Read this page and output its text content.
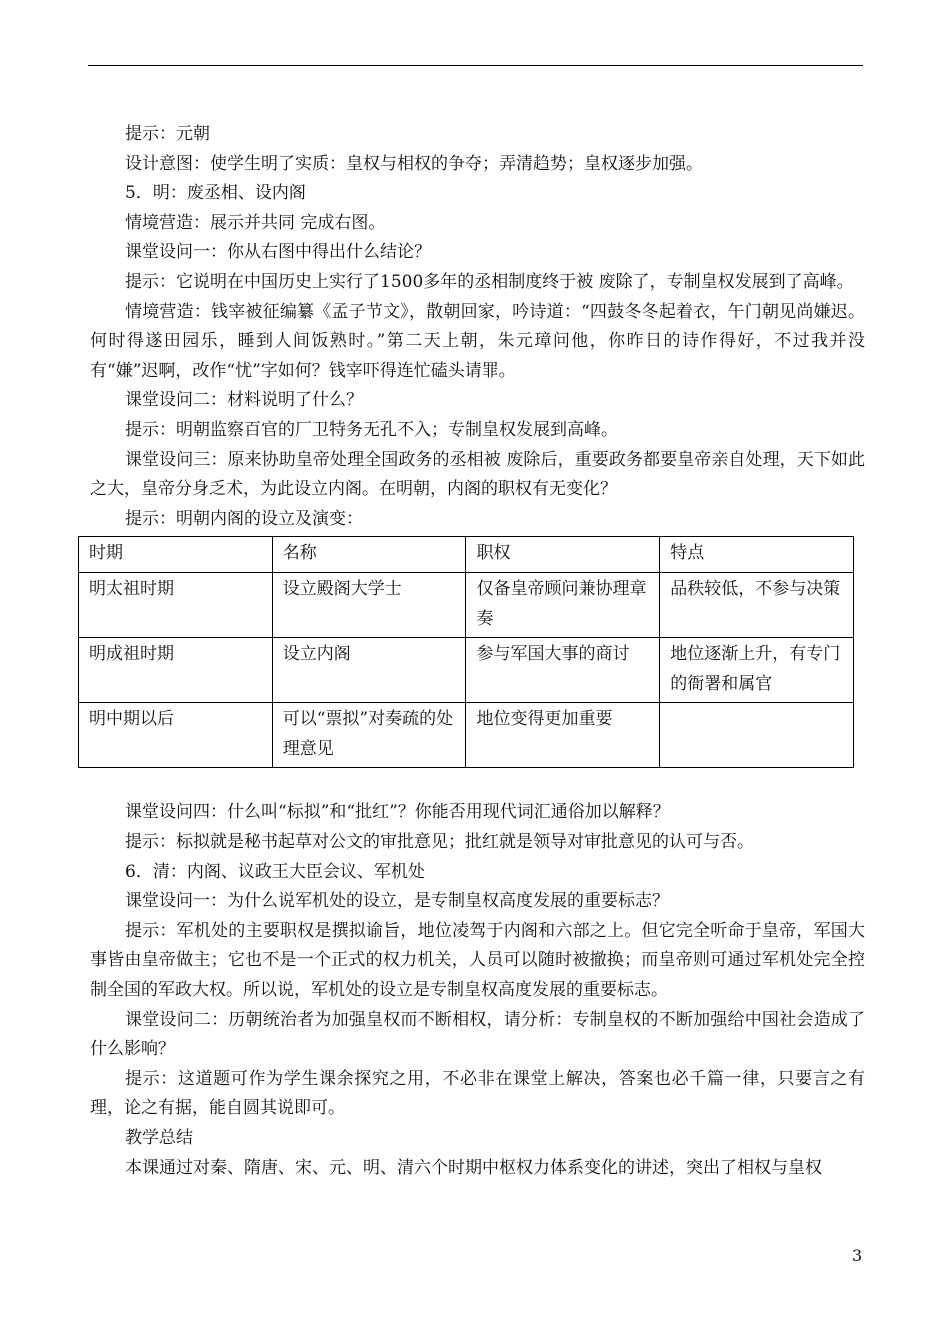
提示：元朝

设计意图：使学生明了实质：皇权与相权的争夺；弄清趋势；皇权逐步加强。

5．明：废丞相、设内阁

情境营造：展示并共同 完成右图。

课堂设问一：你从右图中得出什么结论？

提示：它说明在中国历史上实行了1500多年的丞相制度终于被 废除了，专制皇权发展到了高峰。

情境营造：钱宰被征编纂《孟子节文》，散朝回家，吟诗道：“四鼓冬冬起着衣，午门朝见尚嫌迟。何时得遂田园乐，睡到人间饭熟时。”第二天上朝，朱元璋问他，你昨日的诗作得好，不过我并没有“嫌”迟啊，改作“忧”字如何？钱宰吓得连忙磕头请罪。

课堂设问二：材料说明了什么？

提示：明朝监察百官的厂卫特务无孔不入；专制皇权发展到高峰。

课堂设问三：原来协助皇帝处理全国政务的丞相被 废除后，重要政务都要皇帝亲自处理，天下如此之大，皇帝分身乏术，为此设立内阁。在明朝，内阁的职权有无变化？

提示：明朝内阁的设立及演变：

时期	名称	职权	特点
明太祖时期	设立殿阁大学士	仅备皇帝顾问兼协理章奏	品秩较低，不参与决策
明成祖时期	设立内阁	参与军国大事的商讨	地位逐渐上升，有专门的衙署和属官
明中期以后	可以“票拟”对奏疏的处理意见	地位变得更加重要	

课堂设问四：什么叫“标拟”和“批红”？你能否用现代词汇通俗加以解释？

提示：标拟就是秘书起草对公文的审批意见；批红就是领导对审批意见的认可与否。

6．清：内阁、议政王大臣会议、军机处

课堂设问一：为什么说军机处的设立，是专制皇权高度发展的重要标志？

提示：军机处的主要职权是撰拟谕旨，地位凌驾于内阁和六部之上。但它完全听命于皇帝，军国大事皆由皇帝做主；它也不是一个正式的权力机关，人员可以随时被撤换；而皇帝则可通过军机处完全控制全国的军政大权。所以说，军机处的设立是专制皇权高度发展的重要标志。

课堂设问二：历朝统治者为加强皇权而不断相权，请分析：专制皇权的不断加强给中国社会造成了什么影响？

提示：这道题可作为学生课余探究之用，不必非在课堂上解决，答案也必千篇一律，只要言之有理，论之有据，能自圆其说即可。

教学总结

本课通过对秦、隋唐、宋、元、明、清六个时期中枢权力体系变化的讲述，突出了相权与皇权

3
